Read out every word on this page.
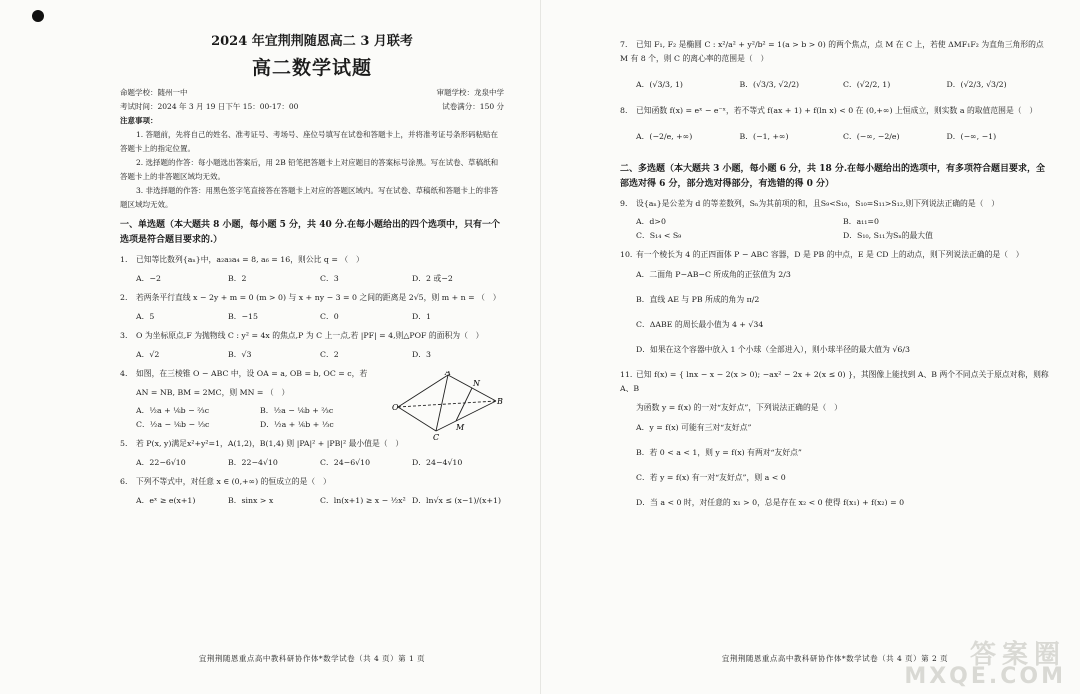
2024 年宜荆荆随恩高二 3 月联考
高二数学试题
命题学校：随州一中	审题学校：龙泉中学
考试时间：2024 年 3 月 19 日下午 15：00-17：00	试卷满分：150 分
注意事项：
1. 答题前，先将自己的姓名、准考证号、考场号、座位号填写在试卷和答题卡上，并将准考证号条形码粘贴在答题卡上的指定位置。
2. 选择题的作答：每小题选出答案后，用 2B 铅笔把答题卡上对应题目的答案标号涂黑。写在试卷、草稿纸和答题卡上的非答题区域均无效。
3. 非选择题的作答：用黑色签字笔直接答在答题卡上对应的答题区域内。写在试卷、草稿纸和答题卡上的非答题区域均无效。
一、单选题（本大题共 8 小题，每小题 5 分，共 40 分.在每小题给出的四个选项中，只有一个选项是符合题目要求的.）
1. 已知等比数列{aₙ}中，a₂a₃a₄ = 8, a₆ = 16，则公比 q = （　）
A．−2	B．2	C．3	D．2 或−2
2. 若两条平行直线 x − 2y + m = 0 (m > 0) 与 x + ny − 3 = 0 之间的距离是 2√5，则 m + n = （　）
A．5	B．−15	C．0	D．1
3. O 为坐标原点,F 为抛物线 C : y² = 4x 的焦点,P 为 C 上一点,若 |PF| = 4,则△POF 的面积为（　）
A．√2	B．√3	C．2	D．3
4. 如图，在三棱锥 O − ABC 中，设 OA = a, OB = b, OC = c，若
AN = NB, BM = 2MC，则 MN = （　）
A．½a + ⅙b − ⅔c	B．½a − ⅙b + ⅔c
C．½a − ⅙b − ⅓c	D．½a + ⅙b + ⅓c
O
A
B
C
N
M
5. 若 P(x, y)满足x²+y²=1，A(1,2)，B(1,4) 则 |PA|² + |PB|² 最小值是（　）
A．22−6√10	B．22−4√10	C．24−6√10	D．24−4√10
6. 下列不等式中，对任意 x ∈ (0,+∞) 的恒成立的是（　）
A．eˣ ≥ e(x+1)	B．sinx > x	C．ln(x+1) ≥ x − ½x² D．ln√x ≤ (x−1)/(x+1)
宜荆荆随恩重点高中教科研协作体*数学试卷（共 4 页）第 1 页
7. 已知 F₁, F₂ 是椭圆 C : x²/a² + y²/b² = 1(a > b > 0) 的两个焦点，点 M 在 C 上，若使 ΔMF₁F₂ 为直角三角形的点 M 有 8 个，则 C 的离心率的范围是（　）
A．(√3/3, 1)	B．(√3/3, √2/2)	C．(√2/2, 1)	D．(√2/3, √3/2)
8. 已知函数 f(x) = eˣ − e⁻ˣ，若不等式 f(ax + 1) + f(ln x) < 0 在 (0,+∞) 上恒成立，则实数 a 的取值范围是（　）
A．(−2/e, +∞)	B．(−1, +∞)	C．(−∞, −2/e)	D．(−∞, −1)
二、多选题（本大题共 3 小题，每小题 6 分，共 18 分.在每小题给出的选项中，有多项符合题目要求，全部选对得 6 分，部分选对得部分，有选错的得 0 分）
9. 设{aₙ}是公差为 d 的等差数列，Sₙ为其前项的和，且S₉<S₁₀，S₁₀=S₁₁>S₁₂,则下列说法正确的是（　）
A．d>0	B．a₁₁=0
C．S₁₄ < S₉	D．S₁₀, S₁₁为Sₙ的最大值
10. 有一个棱长为 4 的正四面体 P − ABC 容器，D 是 PB 的中点，E 是 CD 上的动点，则下列说法正确的是（　）
A．二面角 P−AB−C 所成角的正弦值为 2/3
B．直线 AE 与 PB 所成的角为 π/2
C．ΔABE 的周长最小值为 4 + √34
D．如果在这个容器中放入 1 个小球（全部进入），则小球半径的最大值为 √6/3
11. 已知 f(x) = { lnx − x − 2(x > 0); −ax² − 2x + 2(x ≤ 0) }，其图像上能找到 A、B 两个不同点关于原点对称，则称 A、B
为函数 y = f(x) 的一对“友好点”，下列说法正确的是（　）
A．y = f(x) 可能有三对“友好点”
B．若 0 < a < 1，则 y = f(x) 有两对“友好点”
C．若 y = f(x) 有一对“友好点”，则 a < 0
D．当 a < 0 时，对任意的 x₁ > 0，总是存在 x₂ < 0 使得 f(x₁) + f(x₂) = 0
宜荆荆随恩重点高中教科研协作体*数学试卷（共 4 页）第 2 页 答案圈
MXQE.COM
